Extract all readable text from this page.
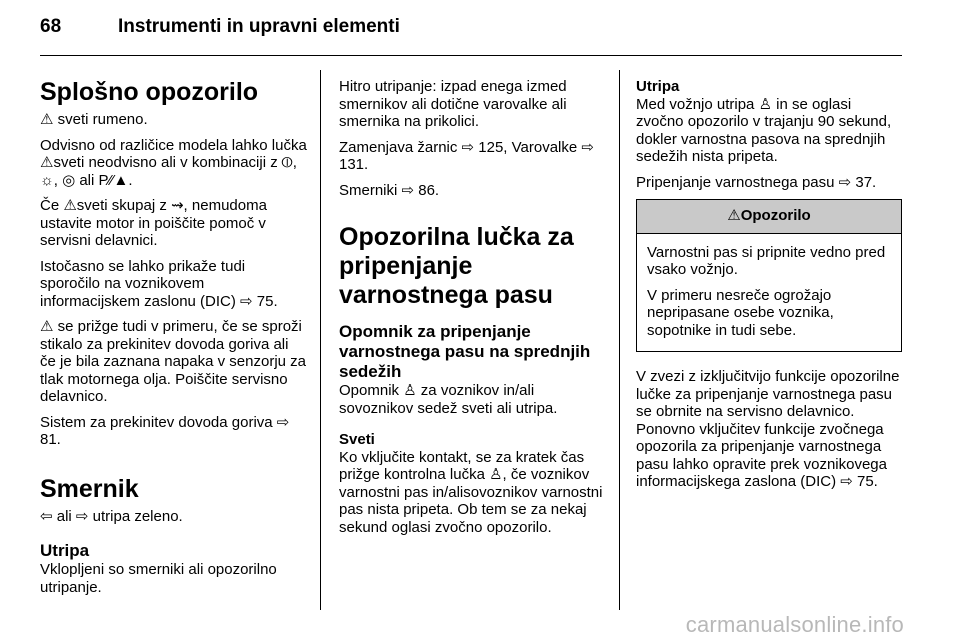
68	Instrumenti in upravni elementi
Splošno opozorilo

⚠ sveti rumeno.

Odvisno od različice modela lahko lučka ⚠sveti neodvisno ali v kombinaciji z ⦶, ☼, ◎ ali P⁄⁄▲.

Če ⚠sveti skupaj z ⇝, nemudoma ustavite motor in poiščite pomoč v servisni delavnici.

Istočasno se lahko prikaže tudi sporočilo na voznikovem informacijskem zaslonu (DIC) ⇨ 75.

⚠ se prižge tudi v primeru, če se sproži stikalo za prekinitev dovoda goriva ali če je bila zaznana napaka v senzorju za tlak motornega olja. Poiščite servisno delavnico.

Sistem za prekinitev dovoda goriva ⇨ 81.

Smernik

⇦ ali ⇨ utripa zeleno.

Utripa

Vklopljeni so smerniki ali opozorilno utripanje.

Hitro utripanje: izpad enega izmed smernikov ali dotične varovalke ali smernika na prikolici.

Zamenjava žarnic ⇨ 125, Varovalke ⇨ 131.

Smerniki ⇨ 86.

Opozorilna lučka za pripenjanje varnostnega pasu
Opomnik za pripenjanje varnostnega pasu na sprednjih sedežih

Opomnik ♙ za voznikov in/ali sovoznikov sedež sveti ali utripa.

Sveti

Ko vključite kontakt, se za kratek čas prižge kontrolna lučka ♙, če voznikov varnostni pas in/alisovoznikov varnostni pas nista pripeta. Ob tem se za nekaj sekund oglasi zvočno opozorilo.

Utripa

Med vožnjo utripa ♙ in se oglasi zvočno opozorilo v trajanju 90 sekund, dokler varnostna pasova na sprednjih sedežih nista pripeta.

Pripenjanje varnostnega pasu ⇨ 37.

⚠Opozorilo

Varnostni pas si pripnite vedno pred vsako vožnjo.

V primeru nesreče ogrožajo nepripasane osebe voznika, sopotnike in tudi sebe.

V zvezi z izključitvijo funkcije opozorilne lučke za pripenjanje varnostnega pasu se obrnite na servisno delavnico. Ponovno vključitev funkcije zvočnega opozorila za pripenjanje varnostnega pasu lahko opravite prek voznikovega informacijskega zaslona (DIC) ⇨ 75.

carmanualsonline.info
